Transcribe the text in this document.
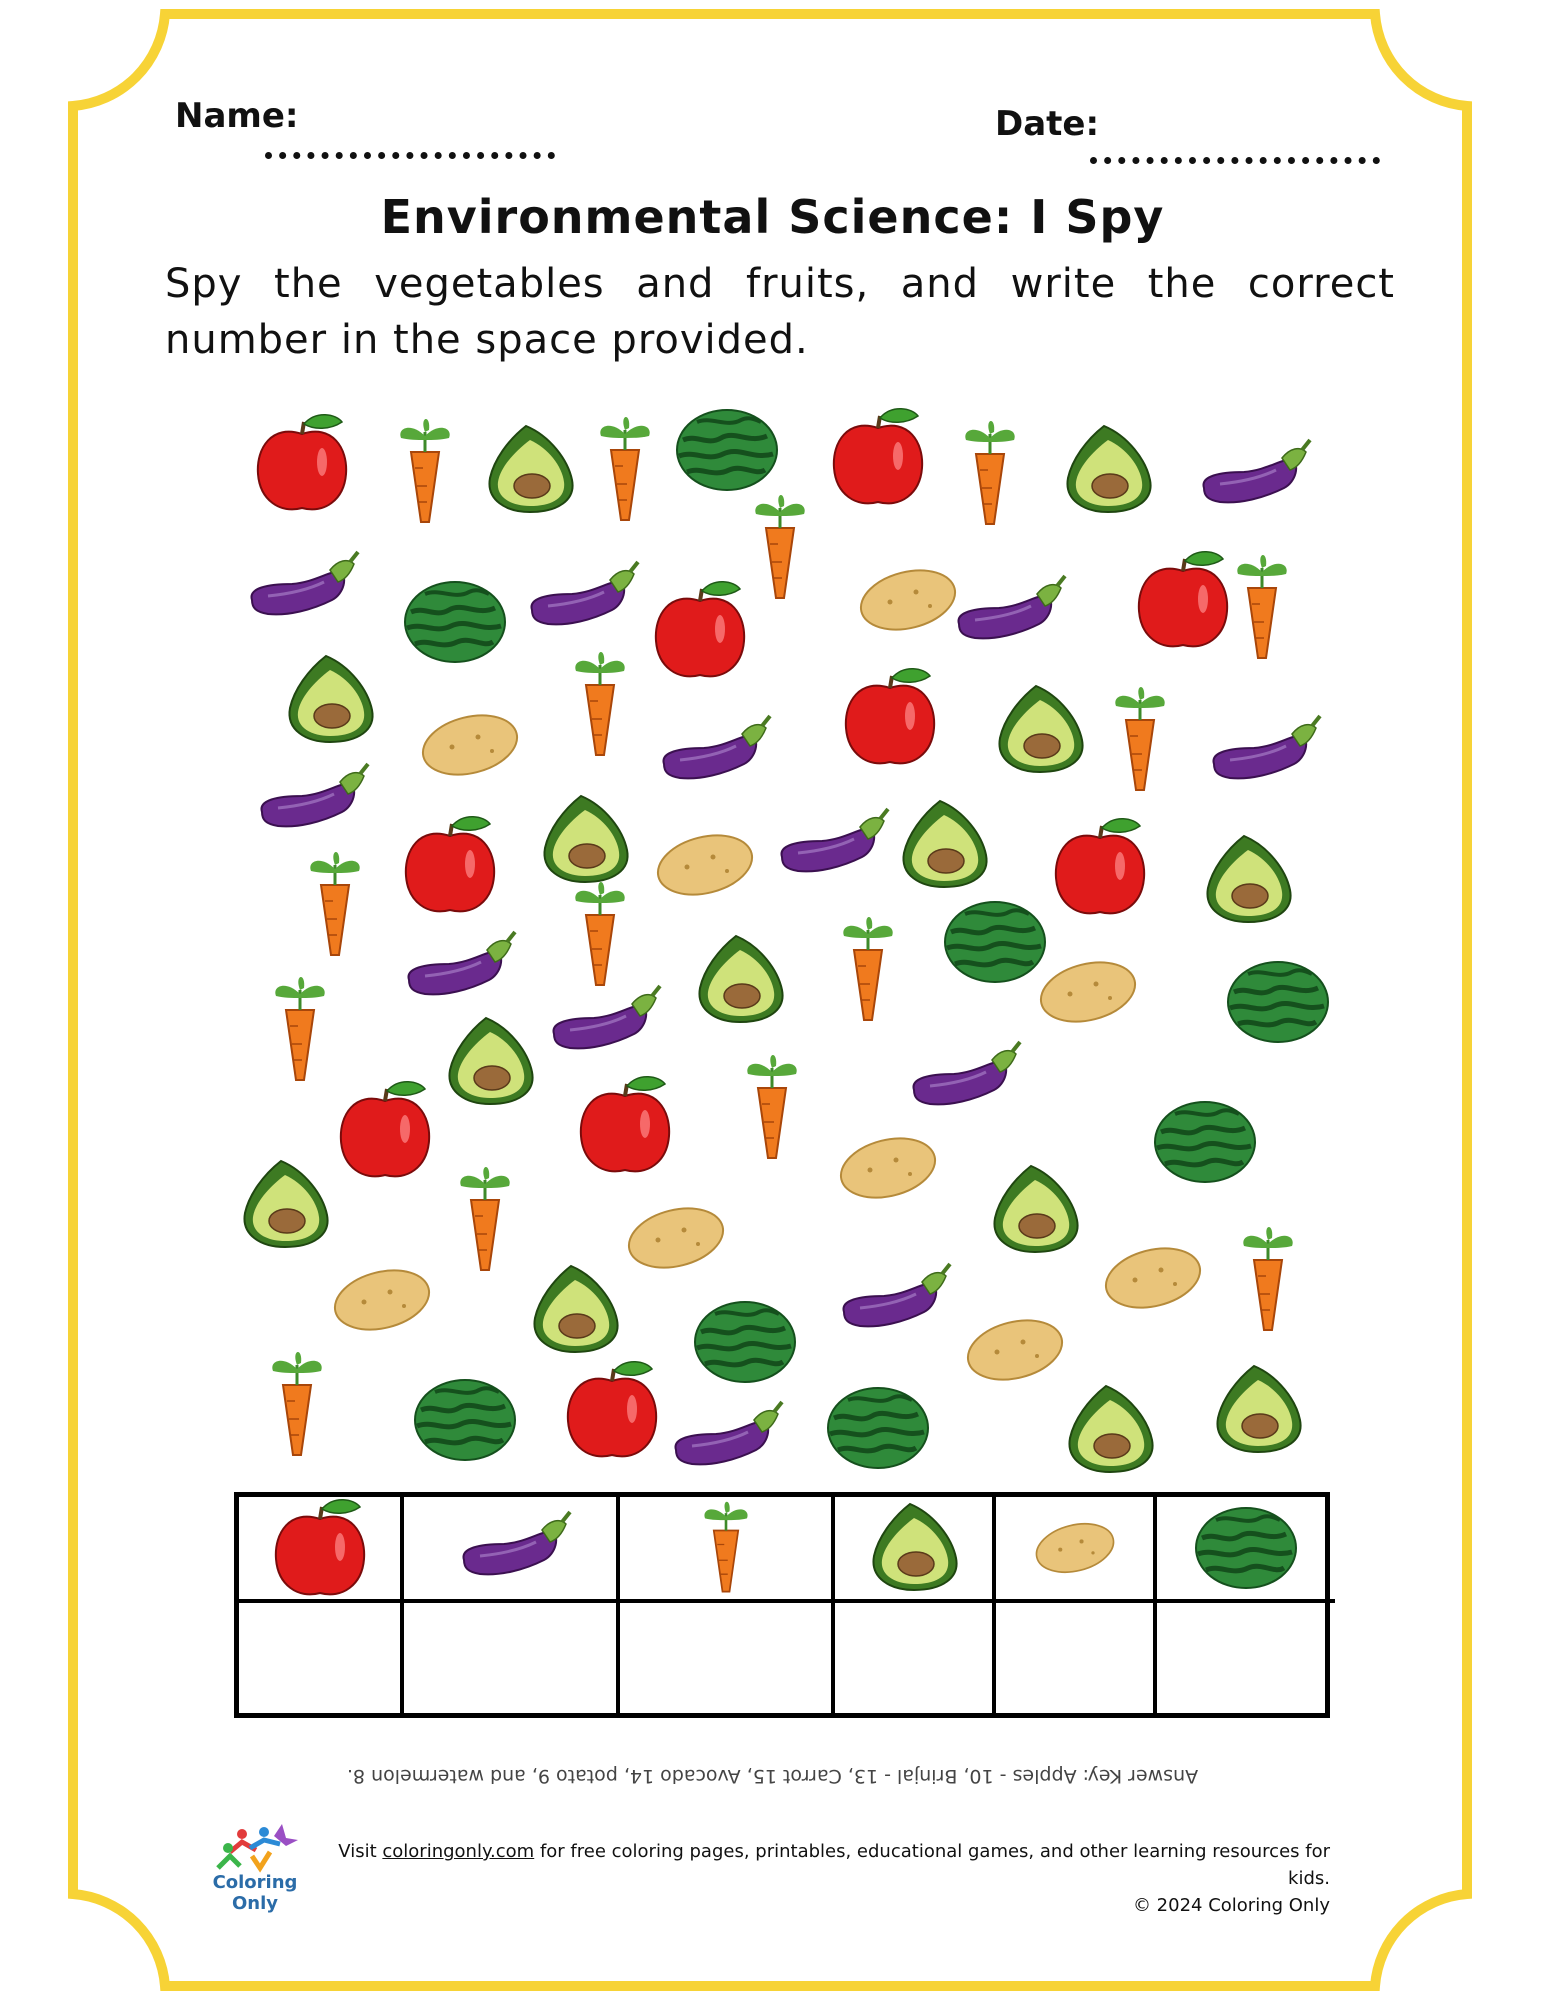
Name:	Date:
Environmental Science: I Spy
Spy the vegetables and fruits, and write the correct number in the space provided.
Answer Key: Apples - 10, Brinjal - 13, Carrot 15, Avocado 14, potato 9, and watermelon 8.
Coloring Only
Visit coloringonly.com for free coloring pages, printables, educational games, and other learning resources for kids.
© 2024 Coloring Only
